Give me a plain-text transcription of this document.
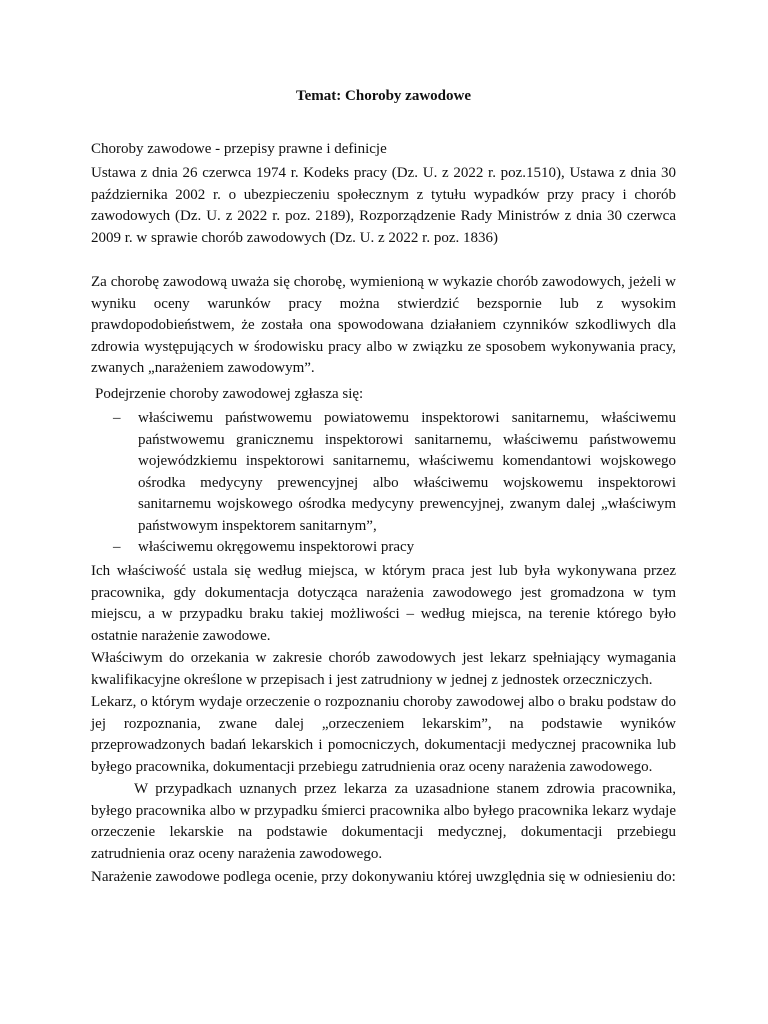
Temat: Choroby zawodowe

Choroby zawodowe - przepisy prawne i definicje

Ustawa z dnia 26 czerwca 1974 r. Kodeks pracy (Dz. U. z 2022 r. poz.1510), Ustawa z dnia 30 października 2002 r. o ubezpieczeniu społecznym z tytułu wypadków przy pracy i chorób zawodowych (Dz. U. z 2022 r. poz. 2189), Rozporządzenie Rady Ministrów z dnia 30 czerwca 2009 r. w sprawie chorób zawodowych (Dz. U. z 2022 r. poz. 1836)

Za chorobę zawodową uważa się chorobę, wymienioną w wykazie chorób zawodowych, jeżeli w wyniku oceny warunków pracy można stwierdzić bezspornie lub z wysokim prawdopodobieństwem, że została ona spowodowana działaniem czynników szkodliwych dla zdrowia występujących w środowisku pracy albo w związku ze sposobem wykonywania pracy, zwanych „narażeniem zawodowym”.

Podejrzenie choroby zawodowej zgłasza się:

– właściwemu państwowemu powiatowemu inspektorowi sanitarnemu, właściwemu państwowemu granicznemu inspektorowi sanitarnemu, właściwemu państwowemu wojewódzkiemu inspektorowi sanitarnemu, właściwemu komendantowi wojskowego ośrodka medycyny prewencyjnej albo właściwemu wojskowemu inspektorowi sanitarnemu wojskowego ośrodka medycyny prewencyjnej, zwanym dalej „właściwym państwowym inspektorem sanitarnym”,
– właściwemu okręgowemu inspektorowi pracy

Ich właściwość ustala się według miejsca, w którym praca jest lub była wykonywana przez pracownika, gdy dokumentacja dotycząca narażenia zawodowego jest gromadzona w tym miejscu, a w przypadku braku takiej możliwości – według miejsca, na terenie którego było ostatnie narażenie zawodowe.

Właściwym do orzekania w zakresie chorób zawodowych jest lekarz spełniający wymagania kwalifikacyjne określone w przepisach i jest zatrudniony w jednej z jednostek orzeczniczych.

Lekarz, o którym wydaje orzeczenie o rozpoznaniu choroby zawodowej albo o braku podstaw do jej rozpoznania, zwane dalej „orzeczeniem lekarskim”, na podstawie wyników przeprowadzonych badań lekarskich i pomocniczych, dokumentacji medycznej pracownika lub byłego pracownika, dokumentacji przebiegu zatrudnienia oraz oceny narażenia zawodowego.

W przypadkach uznanych przez lekarza za uzasadnione stanem zdrowia pracownika, byłego pracownika albo w przypadku śmierci pracownika albo byłego pracownika lekarz wydaje orzeczenie lekarskie na podstawie dokumentacji medycznej, dokumentacji przebiegu zatrudnienia oraz oceny narażenia zawodowego.

Narażenie zawodowe podlega ocenie, przy dokonywaniu której uwzględnia się w odniesieniu do:
